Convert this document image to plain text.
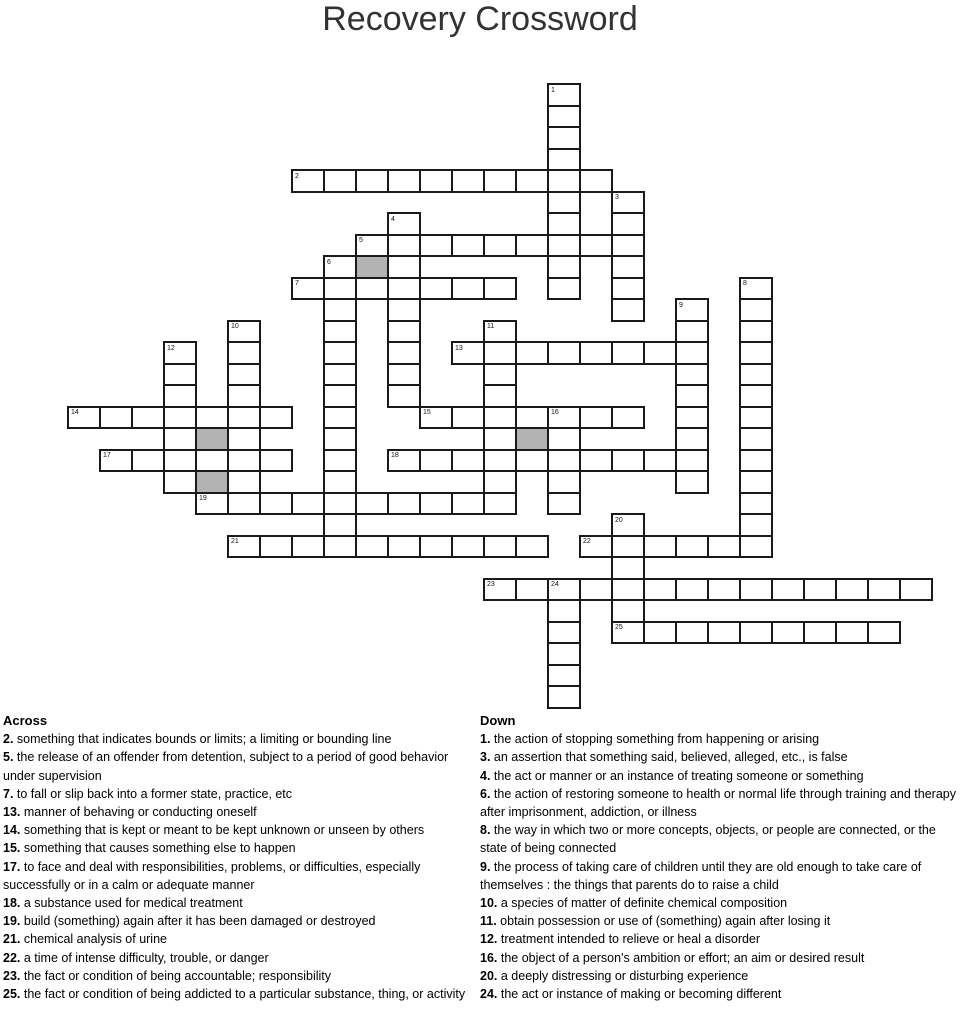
Recovery Crossword
1
2
3
4
5
6
7	8
9
10	11
12	13
14	15	16
17	18
19
20
25
21	22
23	24
Across
2. something that indicates bounds or limits; a limiting or bounding line
5. the release of an offender from detention, subject to a period of good behavior under supervision
7. to fall or slip back into a former state, practice, etc
13. manner of behaving or conducting oneself
14. something that is kept or meant to be kept unknown or unseen by others
15. something that causes something else to happen
17. to face and deal with responsibilities, problems, or difficulties, especially successfully or in a calm or adequate manner
18. a substance used for medical treatment
19. build (something) again after it has been damaged or destroyed
21. chemical analysis of urine
22. a time of intense difficulty, trouble, or danger
23. the fact or condition of being accountable; responsibility
25. the fact or condition of being addicted to a particular substance, thing, or activity
Down
1. the action of stopping something from happening or arising
3. an assertion that something said, believed, alleged, etc., is false
4. the act or manner or an instance of treating someone or something
6. the action of restoring someone to health or normal life through training and therapy after imprisonment, addiction, or illness
8. the way in which two or more concepts, objects, or people are connected, or the state of being connected
9. the process of taking care of children until they are old enough to take care of themselves : the things that parents do to raise a child
10. a species of matter of definite chemical composition
11. obtain possession or use of (something) again after losing it
12. treatment intended to relieve or heal a disorder
16. the object of a person's ambition or effort; an aim or desired result
20. a deeply distressing or disturbing experience
24. the act or instance of making or becoming different
